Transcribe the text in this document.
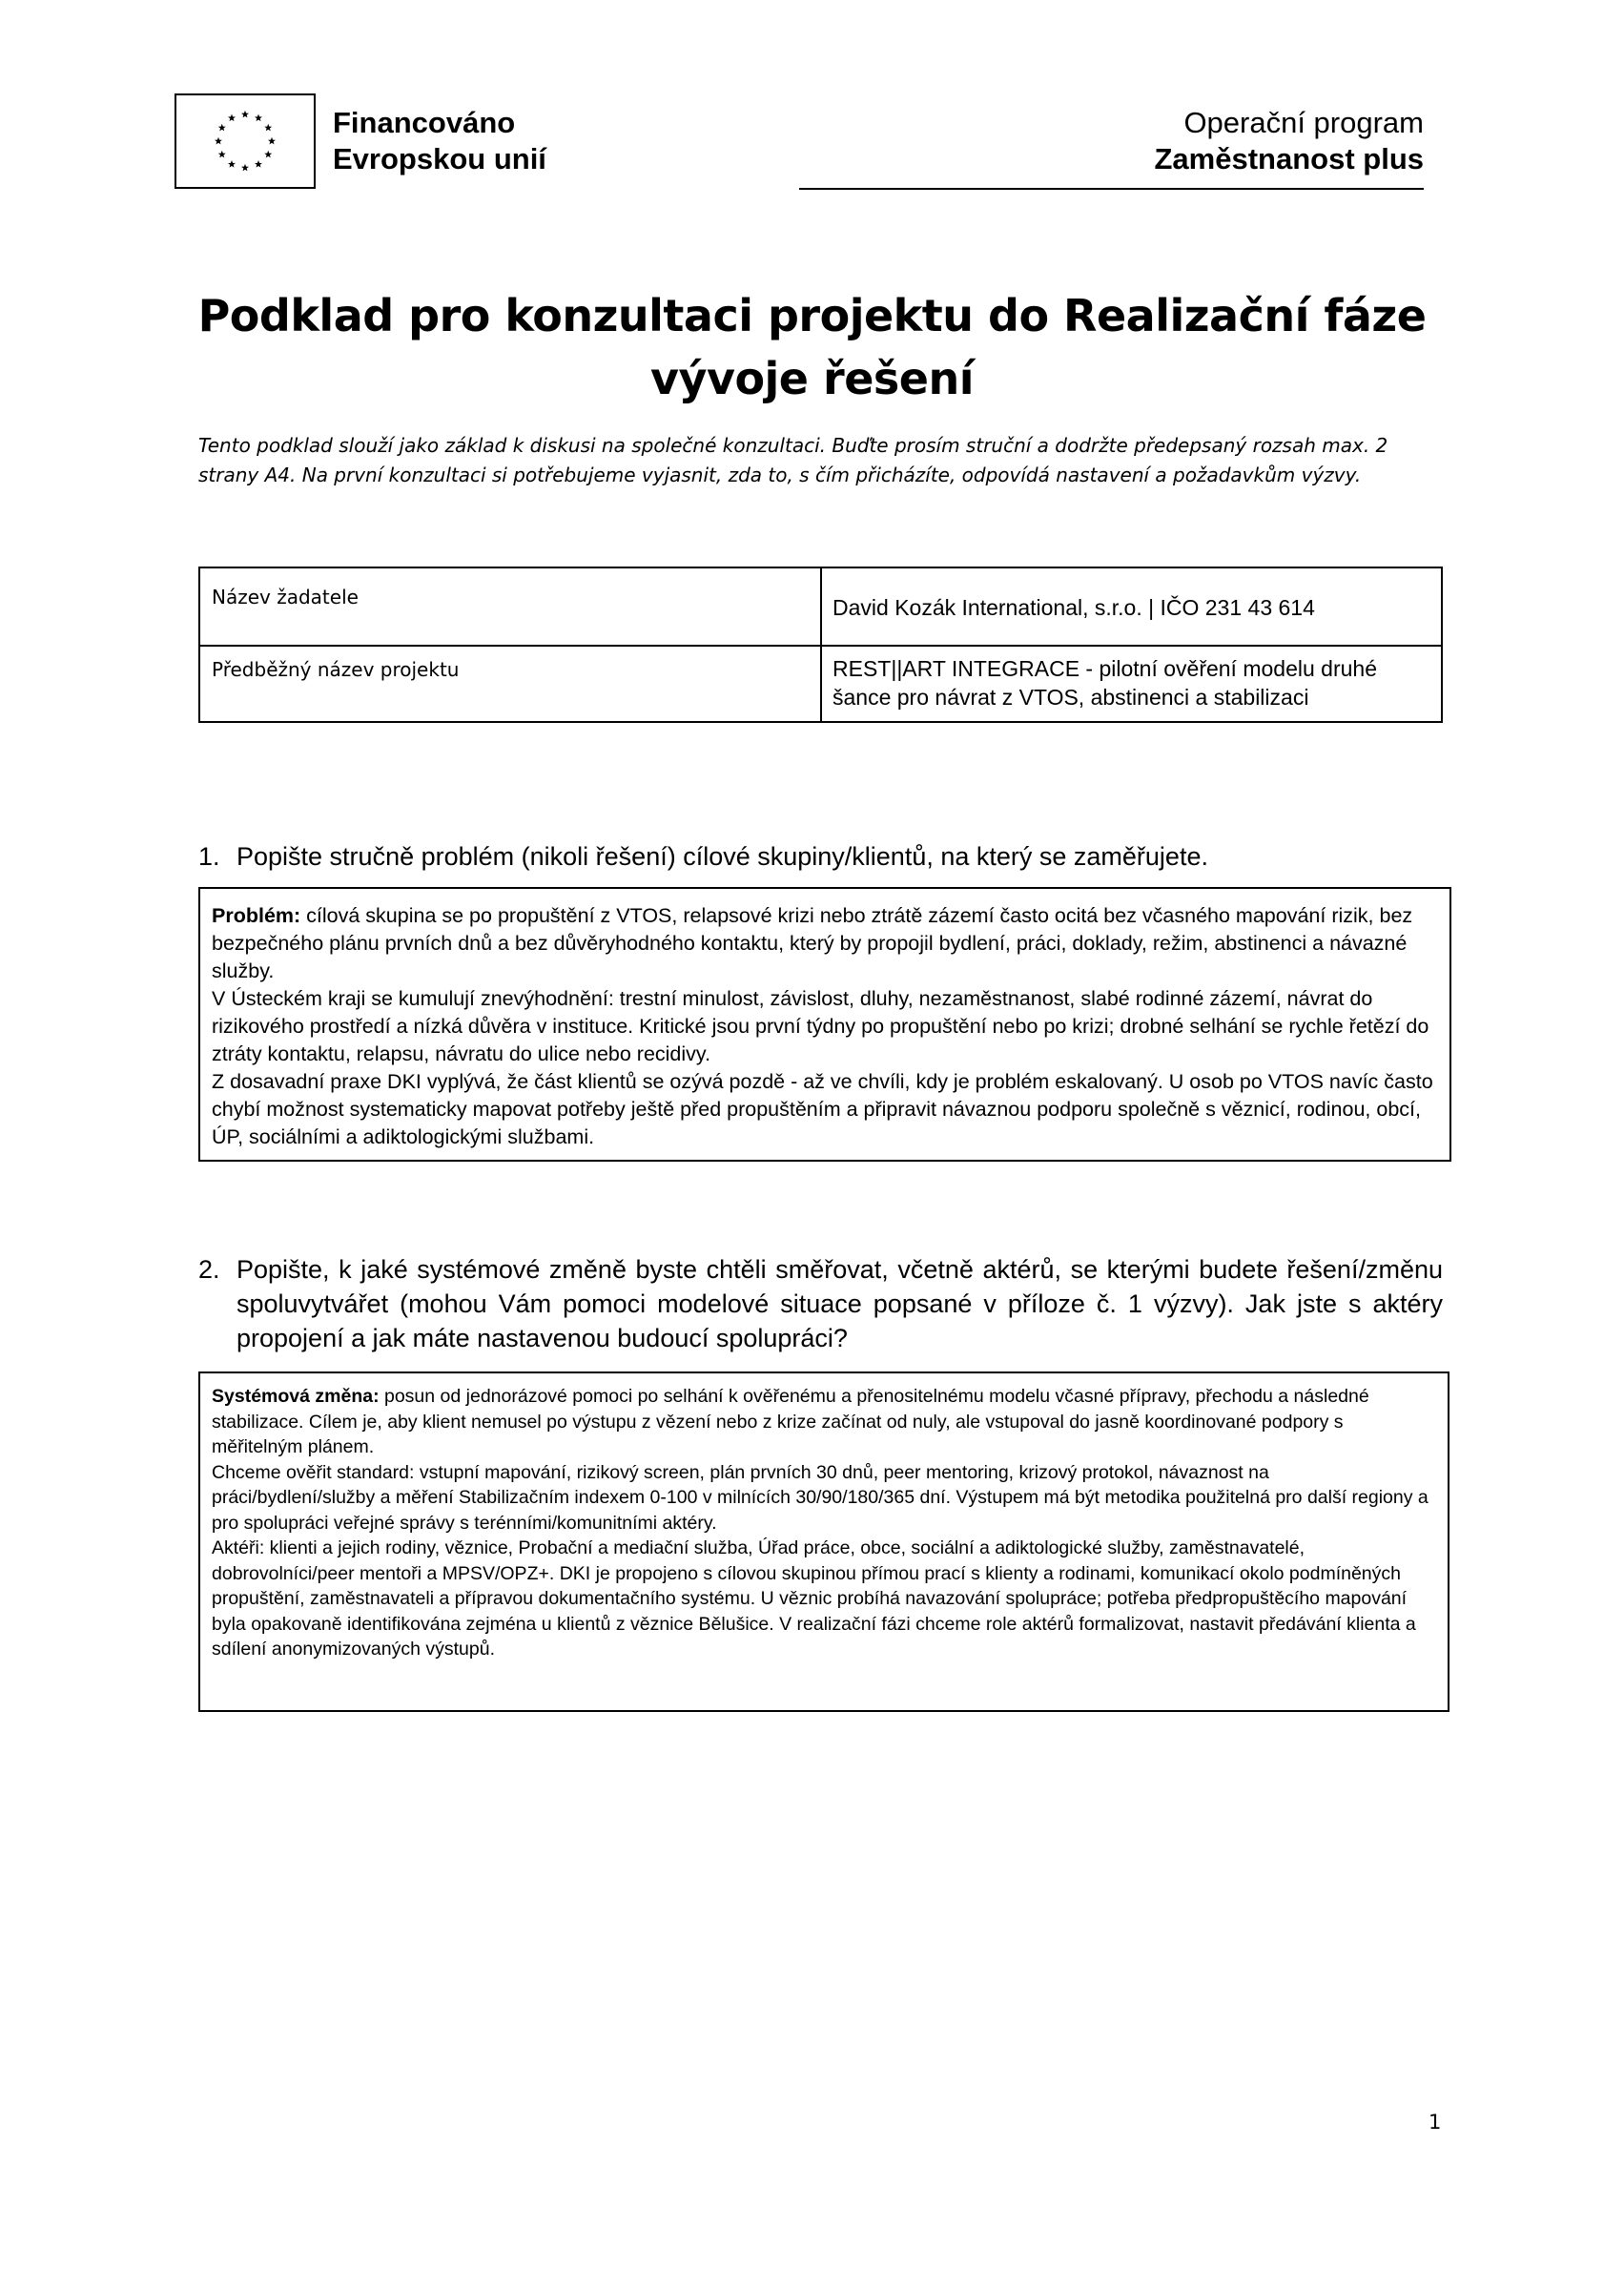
Financováno
Evropskou unií
Operační program
Zaměstnanost plus
Podklad pro konzultaci projektu do Realizační fáze
vývoje řešení
Tento podklad slouží jako základ k diskusi na společné konzultaci. Buďte prosím struční a dodržte předepsaný rozsah max. 2 strany A4. Na první konzultaci si potřebujeme vyjasnit, zda to, s čím přicházíte, odpovídá nastavení a požadavkům výzvy.
Název žadatele	David Kozák International, s.r.o. | IČO 231 43 614
Předběžný název projektu	REST||ART INTEGRACE - pilotní ověření modelu druhé šance pro návrat z VTOS, abstinenci a stabilizaci
1. Popište stručně problém (nikoli řešení) cílové skupiny/klientů, na který se zaměřujete.

Problém: cílová skupina se po propuštění z VTOS, relapsové krizi nebo ztrátě zázemí často ocitá bez včasného mapování rizik, bez bezpečného plánu prvních dnů a bez důvěryhodného kontaktu, který by propojil bydlení, práci, doklady, režim, abstinenci a návazné služby.

V Ústeckém kraji se kumulují znevýhodnění: trestní minulost, závislost, dluhy, nezaměstnanost, slabé rodinné zázemí, návrat do rizikového prostředí a nízká důvěra v instituce. Kritické jsou první týdny po propuštění nebo po krizi; drobné selhání se rychle řetězí do ztráty kontaktu, relapsu, návratu do ulice nebo recidivy.

Z dosavadní praxe DKI vyplývá, že část klientů se ozývá pozdě - až ve chvíli, kdy je problém eskalovaný. U osob po VTOS navíc často chybí možnost systematicky mapovat potřeby ještě před propuštěním a připravit návaznou podporu společně s věznicí, rodinou, obcí, ÚP, sociálními a adiktologickými službami.

2. Popište, k jaké systémové změně byste chtěli směřovat, včetně aktérů, se kterými budete řešení/změnu spoluvytvářet (mohou Vám pomoci modelové situace popsané v příloze č. 1 výzvy). Jak jste s aktéry propojení a jak máte nastavenou budoucí spolupráci?

Systémová změna: posun od jednorázové pomoci po selhání k ověřenému a přenositelnému modelu včasné přípravy, přechodu a následné stabilizace. Cílem je, aby klient nemusel po výstupu z vězení nebo z krize začínat od nuly, ale vstupoval do jasně koordinované podpory s měřitelným plánem.

Chceme ověřit standard: vstupní mapování, rizikový screen, plán prvních 30 dnů, peer mentoring, krizový protokol, návaznost na práci/bydlení/služby a měření Stabilizačním indexem 0-100 v milnících 30/90/180/365 dní. Výstupem má být metodika použitelná pro další regiony a pro spolupráci veřejné správy s terénními/komunitními aktéry.

Aktéři: klienti a jejich rodiny, věznice, Probační a mediační služba, Úřad práce, obce, sociální a adiktologické služby, zaměstnavatelé, dobrovolníci/peer mentoři a MPSV/OPZ+. DKI je propojeno s cílovou skupinou přímou prací s klienty a rodinami, komunikací okolo podmíněných propuštění, zaměstnavateli a přípravou dokumentačního systému. U věznic probíhá navazování spolupráce; potřeba předpropuštěcího mapování byla opakovaně identifikována zejména u klientů z věznice Bělušice. V realizační fázi chceme role aktérů formalizovat, nastavit předávání klienta a sdílení anonymizovaných výstupů.

1
